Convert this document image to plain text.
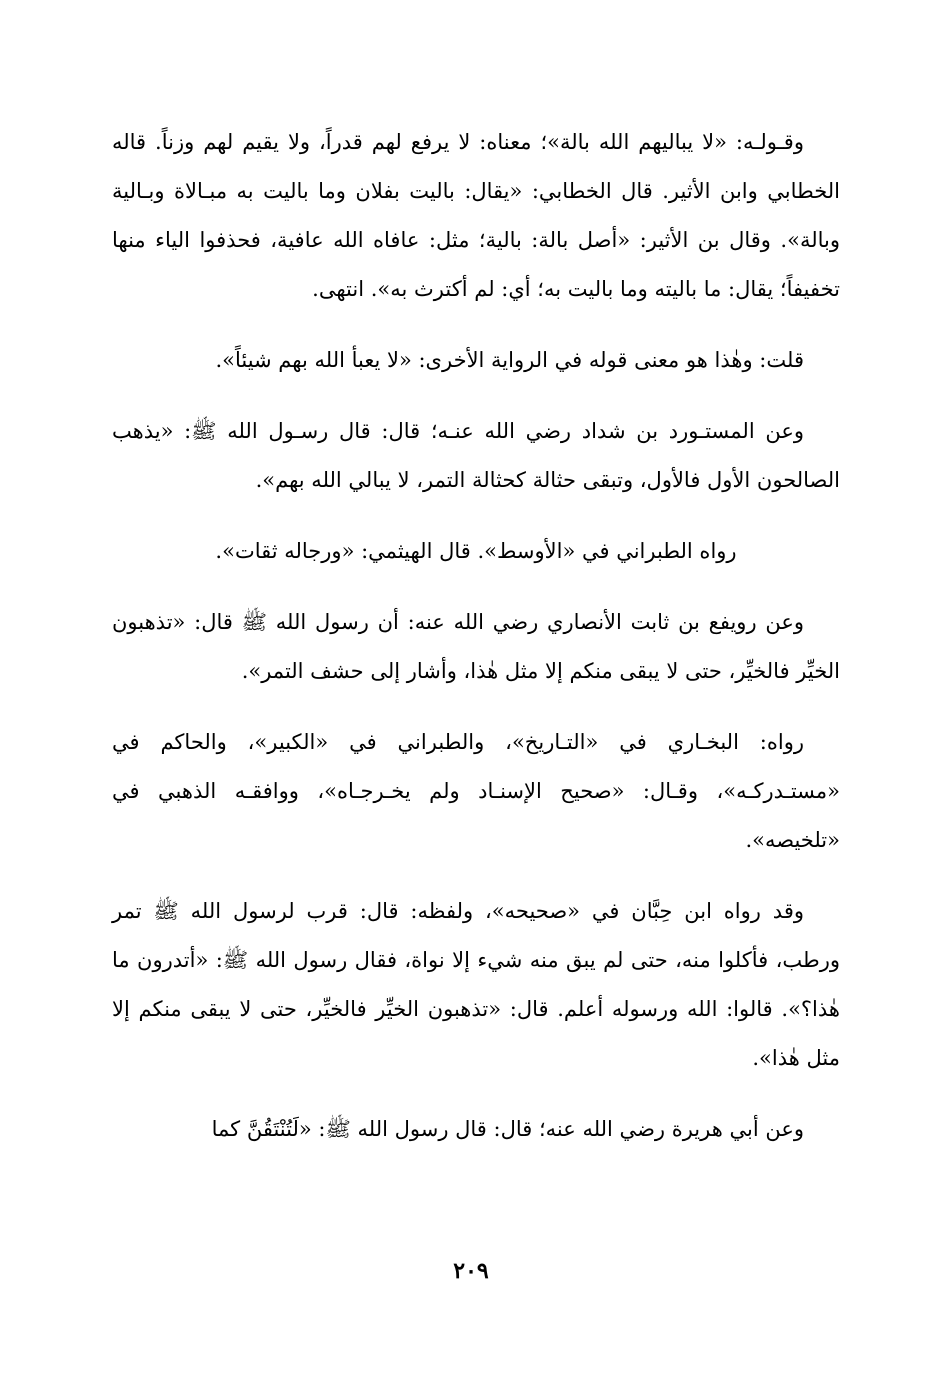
وقـولـه: «لا يباليهم الله بالة»؛ معناه: لا يرفع لهم قدراً، ولا يقيم لهم وزناً. قاله الخطابي وابن الأثير. قال الخطابي: «يقال: باليت بفلان وما باليت به مبـالاة وبـالية وبالة». وقال بن الأثير: «أصل بالة: بالية؛ مثل: عافاه الله عافية، فحذفوا الياء منها تخفيفاً؛ يقال: ما باليته وما باليت به؛ أي: لم أكترث به». انتهى.

قلت: وهٰذا هو معنى قوله في الرواية الأخرى: «لا يعبأ الله بهم شيئاً».

وعن المستـورد بن شداد رضي الله عنـه؛ قال: قال رسـول الله ﷺ: «يذهب الصالحون الأول فالأول، وتبقى حثالة كحثالة التمر، لا يبالي الله بهم».

رواه الطبراني في «الأوسط». قال الهيثمي: «ورجاله ثقات».

وعن رويفع بن ثابت الأنصاري رضي الله عنه: أن رسول الله ﷺ قال: «تذهبون الخيِّر فالخيِّر، حتى لا يبقى منكم إلا مثل هٰذا، وأشار إلى حشف التمر».

رواه: البخـاري في «التـاريخ»، والطبراني في «الكبير»، والحاكم في «مستـدركـه»، وقـال: «صحيح الإسنـاد ولم يخـرجـاه»، ووافقـه الذهبي في «تلخيصه».

وقد رواه ابن حِبَّان في «صحيحه»، ولفظه: قال: قرب لرسول الله ﷺ تمر ورطب، فأكلوا منه، حتى لم يبق منه شيء إلا نواة، فقال رسول الله ﷺ: «أتدرون ما هٰذا؟». قالوا: الله ورسوله أعلم. قال: «تذهبون الخيِّر فالخيِّر، حتى لا يبقى منكم إلا مثل هٰذا».

وعن أبي هريرة رضي الله عنه؛ قال: قال رسول الله ﷺ: «لَتُنْتَقُنَّ كما

٢٠٩
